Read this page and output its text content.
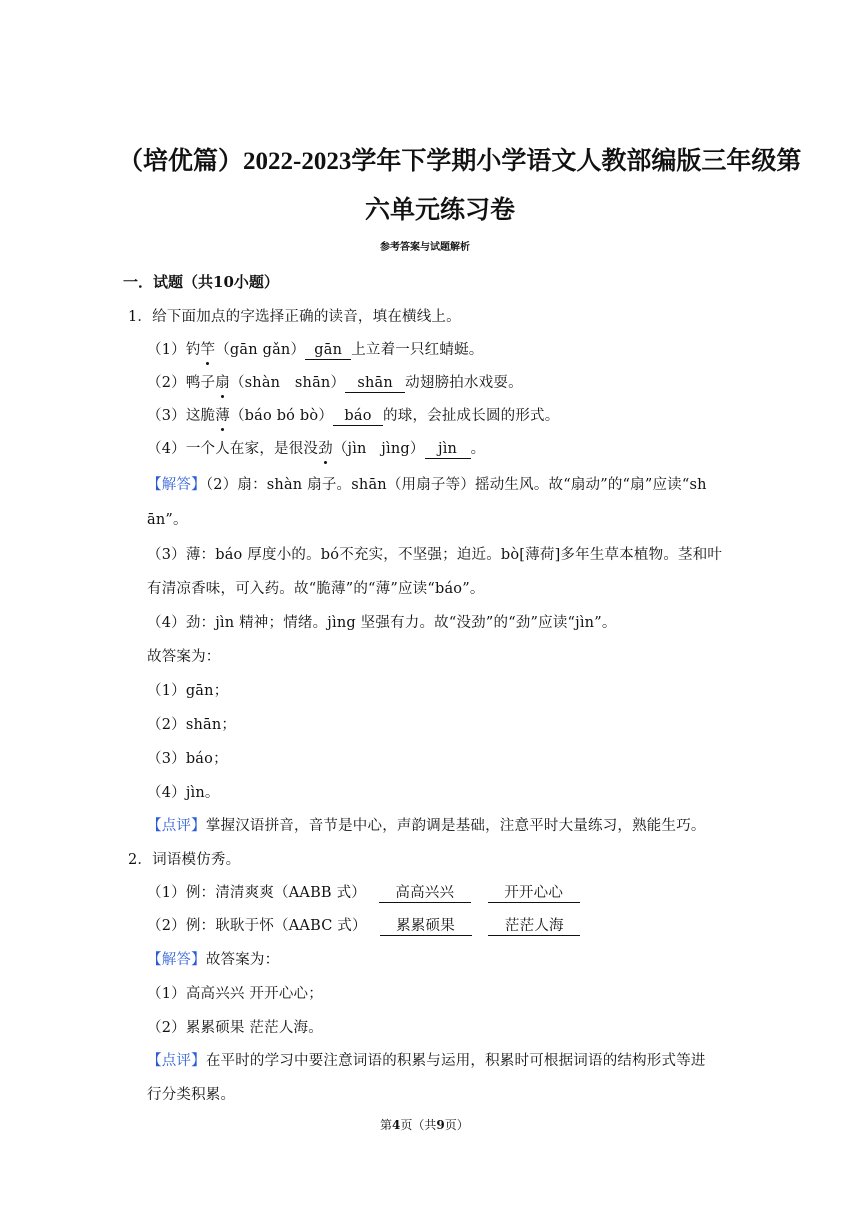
（培优篇）2022-2023学年下学期小学语文人教部编版三年级第
六单元练习卷
参考答案与试题解析
一．试题（共10小题）
1．给下面加点的字选择正确的读音，填在横线上。
（1）钓竿（gān gǎn） gān 上立着一只红蜻蜓。
（2）鸭子扇（shàn　shān） shān 动翅膀拍水戏耍。
（3）这脆薄（báo bó bò） báo 的球，会扯成长圆的形式。
（4）一个人在家，是很没劲（jìn　jìng） jìn 。
【解答】（2）扇：shàn 扇子。shān（用扇子等）摇动生风。故“扇动”的“扇”应读“sh
ān”。
（3）薄：báo 厚度小的。bó不充实，不坚强；迫近。bò[薄荷]多年生草本植物。茎和叶
有清凉香味，可入药。故“脆薄”的“薄”应读“báo”。
（4）劲：jìn 精神；情绪。jìng 坚强有力。故“没劲”的“劲”应读“jìn”。
故答案为：
（1）gān；
（2）shān；
（3）báo；
（4）jìn。
【点评】掌握汉语拼音，音节是中心，声韵调是基础，注意平时大量练习，熟能生巧。
2．词语模仿秀。
（1）例：清清爽爽（AABB 式） 高高兴兴	开开心心
（2）例：耿耿于怀（AABC 式） 累累硕果	茫茫人海
【解答】故答案为：
（1）高高兴兴 开开心心；
（2）累累硕果 茫茫人海。
【点评】在平时的学习中要注意词语的积累与运用，积累时可根据词语的结构形式等进
行分类积累。
第4页（共9页）
